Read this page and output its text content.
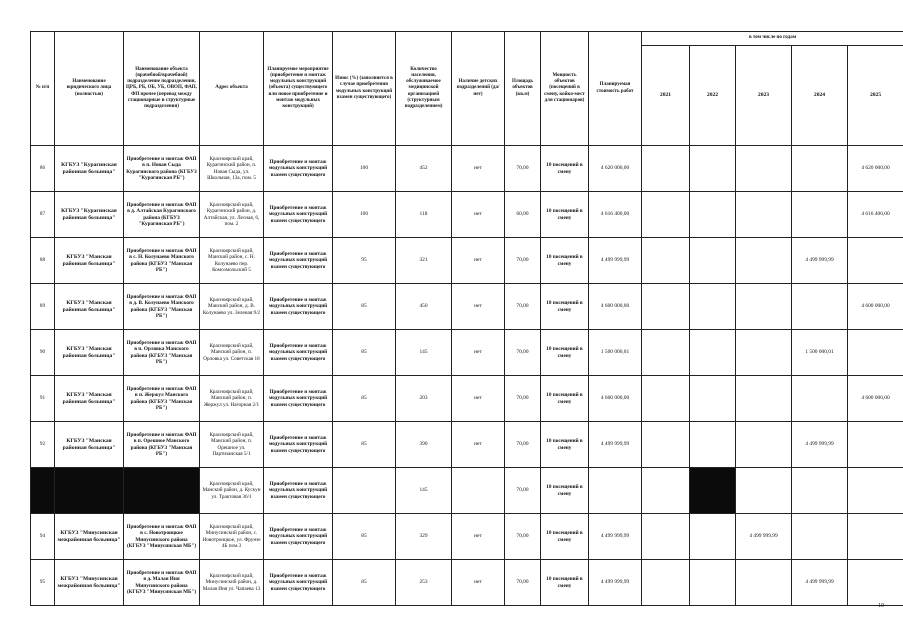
№ п/п	Наименование юридического лица (полностью)	Наименование объекта (врачебной/врачебной) подразделение подразделения, ЦРБ, РБ, ОБ, УБ, ОВОП, ФАП, ФП прочее (перевод между стационарные и структурные подразделения)	Адрес объекта	Планируемое мероприятие (приобретение и монтаж модульных конструкций (объекта) существующего или новое приобретение и монтаж модульных конструкций)	Износ (%) (заполняется в случае приобретения модульных конструкций взамен существующего)	Количество населения, обслуживаемое медицинской организацией (структурным подразделением)	Наличие детских подразделений (да/нет)	Площадь объектов (кв.м)	Мощность объектов (посещений в смену, койко-мест для стационаров)	Планируемая стоимость работ	в том числе по годам				
											2021	2022	2023	2024	2025
86	КГБУЗ "Курагинская районная больница"	Приобретение и монтаж ФАП в п. Новая Сыда Курагинского района (КГБУЗ "Курагинская РБ")	Красноярский край, Курагинский район, п. Новая Сыда, ул. Школьная, 13а, пом. 5	Приобретение и монтаж модульных конструкций взамен существующего	100	452	нет	70,00	10 посещений в смену	4 620 000,00					4 620 000,00
87	КГБУЗ "Курагинская районная больница"	Приобретение и монтаж ФАП в д. Алтайская Курагинского района (КГБУЗ "Курагинская РБ")	Красноярский край, Курагинский район, д. Алтайская, ул. Лесная, 6, пом. 2	Приобретение и монтаж модульных конструкций взамен существующего	100	118	нет	60,00	10 посещений в смену	4 616 400,00					4 616 400,00
88	КГБУЗ "Манская районная больница"	Приобретение и монтаж ФАП в с. Н. Колунаево Манского района (КГБУЗ "Манская РБ")	Красноярский край, Манский район, с. Н. Колунаево пер. Комсомольский 5	Приобретение и монтаж модульных конструкций взамен существующего	95	321	нет	70,00	10 посещений в смену	4 499 999,99				4 499 999,99	
89	КГБУЗ "Манская районная больница"	Приобретение и монтаж ФАП в д. В. Колунаево Манского района (КГБУЗ "Манская РБ")	Красноярский край, Манский район, д. В. Колунаево ул. Зеленая 9/2	Приобретение и монтаж модульных конструкций взамен существующего	85	450	нет	70,00	10 посещений в смену	4 600 000,00					4 600 000,00
90	КГБУЗ "Манская районная больница"	Приобретение и монтаж ФАП в п. Орловка Манского района (КГБУЗ "Манская РБ")	Красноярский край, Манский район, п. Орловка ул. Советская 18	Приобретение и монтаж модульных конструкций взамен существующего	85	145	нет	70,00	10 посещений в смену	1 500 000,01				1 500 000,01	
91	КГБУЗ "Манская районная больница"	Приобретение и монтаж ФАП в п. Жержул Манского района (КГБУЗ "Манская РБ")	Красноярский край, Манский район, п. Жержул ул. Нагорная 2/1	Приобретение и монтаж модульных конструкций взамен существующего	85	203	нет	70,00	10 посещений в смену	4 600 000,00					4 600 000,00
92	КГБУЗ "Манская районная больница"	Приобретение и монтаж ФАП в п. Орешное Манского района (КГБУЗ "Манская РБ")	Красноярский край, Манский район, п. Орешное ул. Партизанская 5/1	Приобретение и монтаж модульных конструкций взамен существующего	85	390	нет	70,00	10 посещений в смену	4 499 999,99				4 499 999,99	
			Красноярский край, Манский район, д. Кускун ул. Трактовая 36/1	Приобретение и монтаж модульных конструкций взамен существующего		145		70,00	10 посещений в смену						
94	КГБУЗ "Минусинская межрайонная больница"	Приобретение и монтаж ФАП в с. Новотроицкое Минусинского района (КГБУЗ "Минусинская МБ")	Красноярский край, Минусинский район, с. Новотроицкое, ул. Фрунзе 4Б пом.3	Приобретение и монтаж модульных конструкций взамен существующего	85	329	нет	70,00	10 посещений в смену	4 499 999,99			4 499 999,99		
95	КГБУЗ "Минусинская межрайонная больница"	Приобретение и монтаж ФАП в д. Малая Иня Минусинского района (КГБУЗ "Минусинская МБ")	Красноярский край, Минусинский район, д. Малая Иня ул. Чапаева 13	Приобретение и монтаж модульных конструкций взамен существующего	85	253	нет	70,00	10 посещений в смену	4 499 999,99				4 499 999,99	
10
